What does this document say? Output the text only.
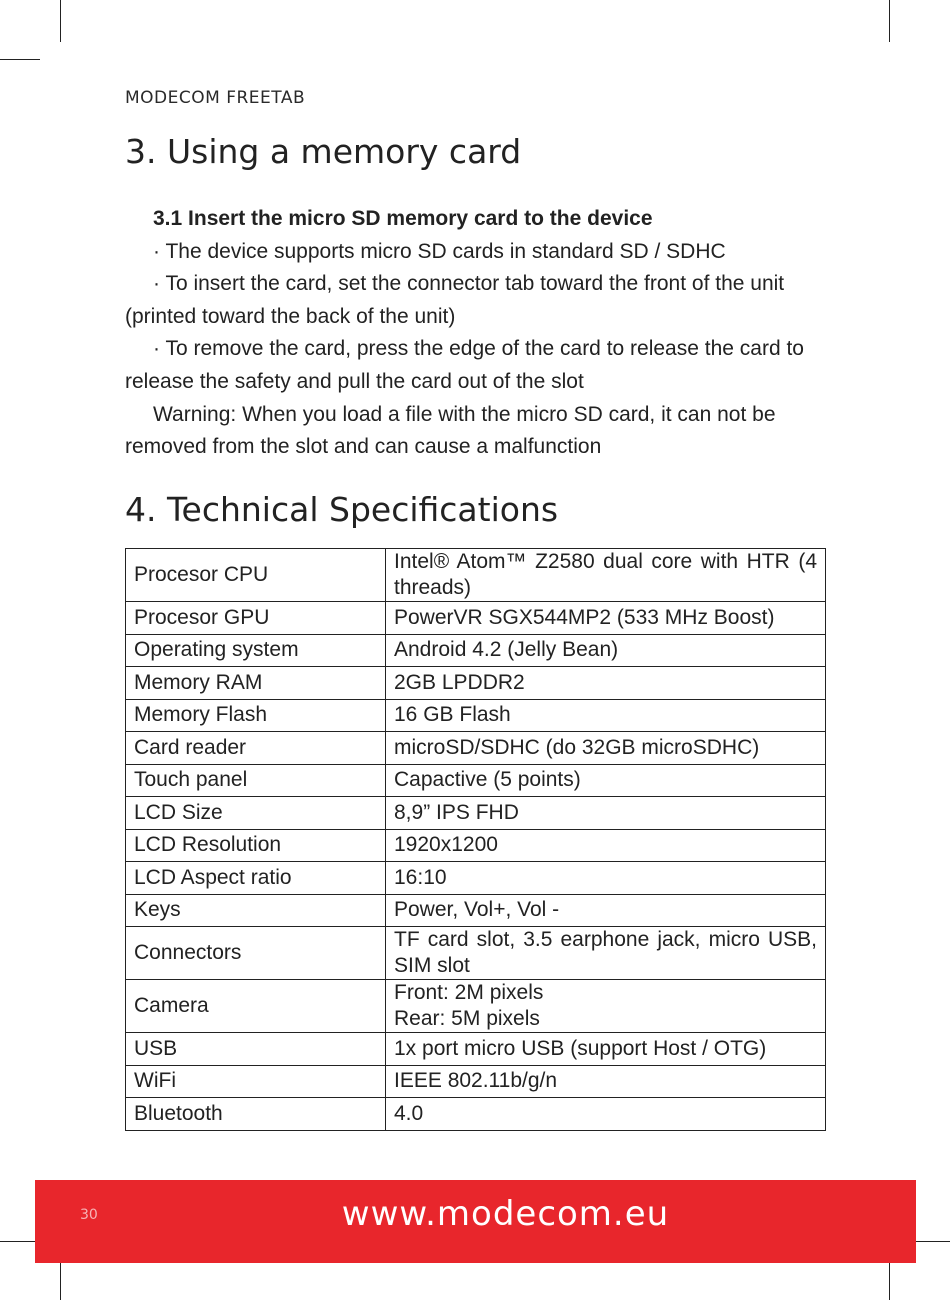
MODECOM FREETAB
3. Using a memory card

3.1 Insert the micro SD memory card to the device

· The device supports micro SD cards in standard SD / SDHC

· To insert the card, set the connector tab toward the front of the unit (printed toward the back of the unit)

· To remove the card, press the edge of the card to release the card to release the safety and pull the card out of the slot

Warning: When you load a file with the micro SD card, it can not be removed from the slot and can cause a malfunction

4. Technical Specifications
Procesor CPU	Intel® Atom™ Z2580 dual core with HTR (4 threads)

Procesor GPU	PowerVR SGX544MP2 (533 MHz Boost)

Operating system	Android 4.2 (Jelly Bean)

Memory RAM	2GB LPDDR2

Memory Flash	16 GB Flash

Card reader	microSD/SDHC (do 32GB microSDHC)

Touch panel	Capactive (5 points)

LCD Size	8,9” IPS FHD

LCD Resolution	1920x1200

LCD Aspect ratio	16:10

Keys	Power, Vol+, Vol -

Connectors	TF card slot, 3.5 earphone jack, micro USB, SIM slot

Camera	Front: 2M pixels
Rear: 5M pixels

USB	1x port micro USB (support Host / OTG)

WiFi	IEEE 802.11b/g/n

Bluetooth	4.0
30	www.modecom.eu
